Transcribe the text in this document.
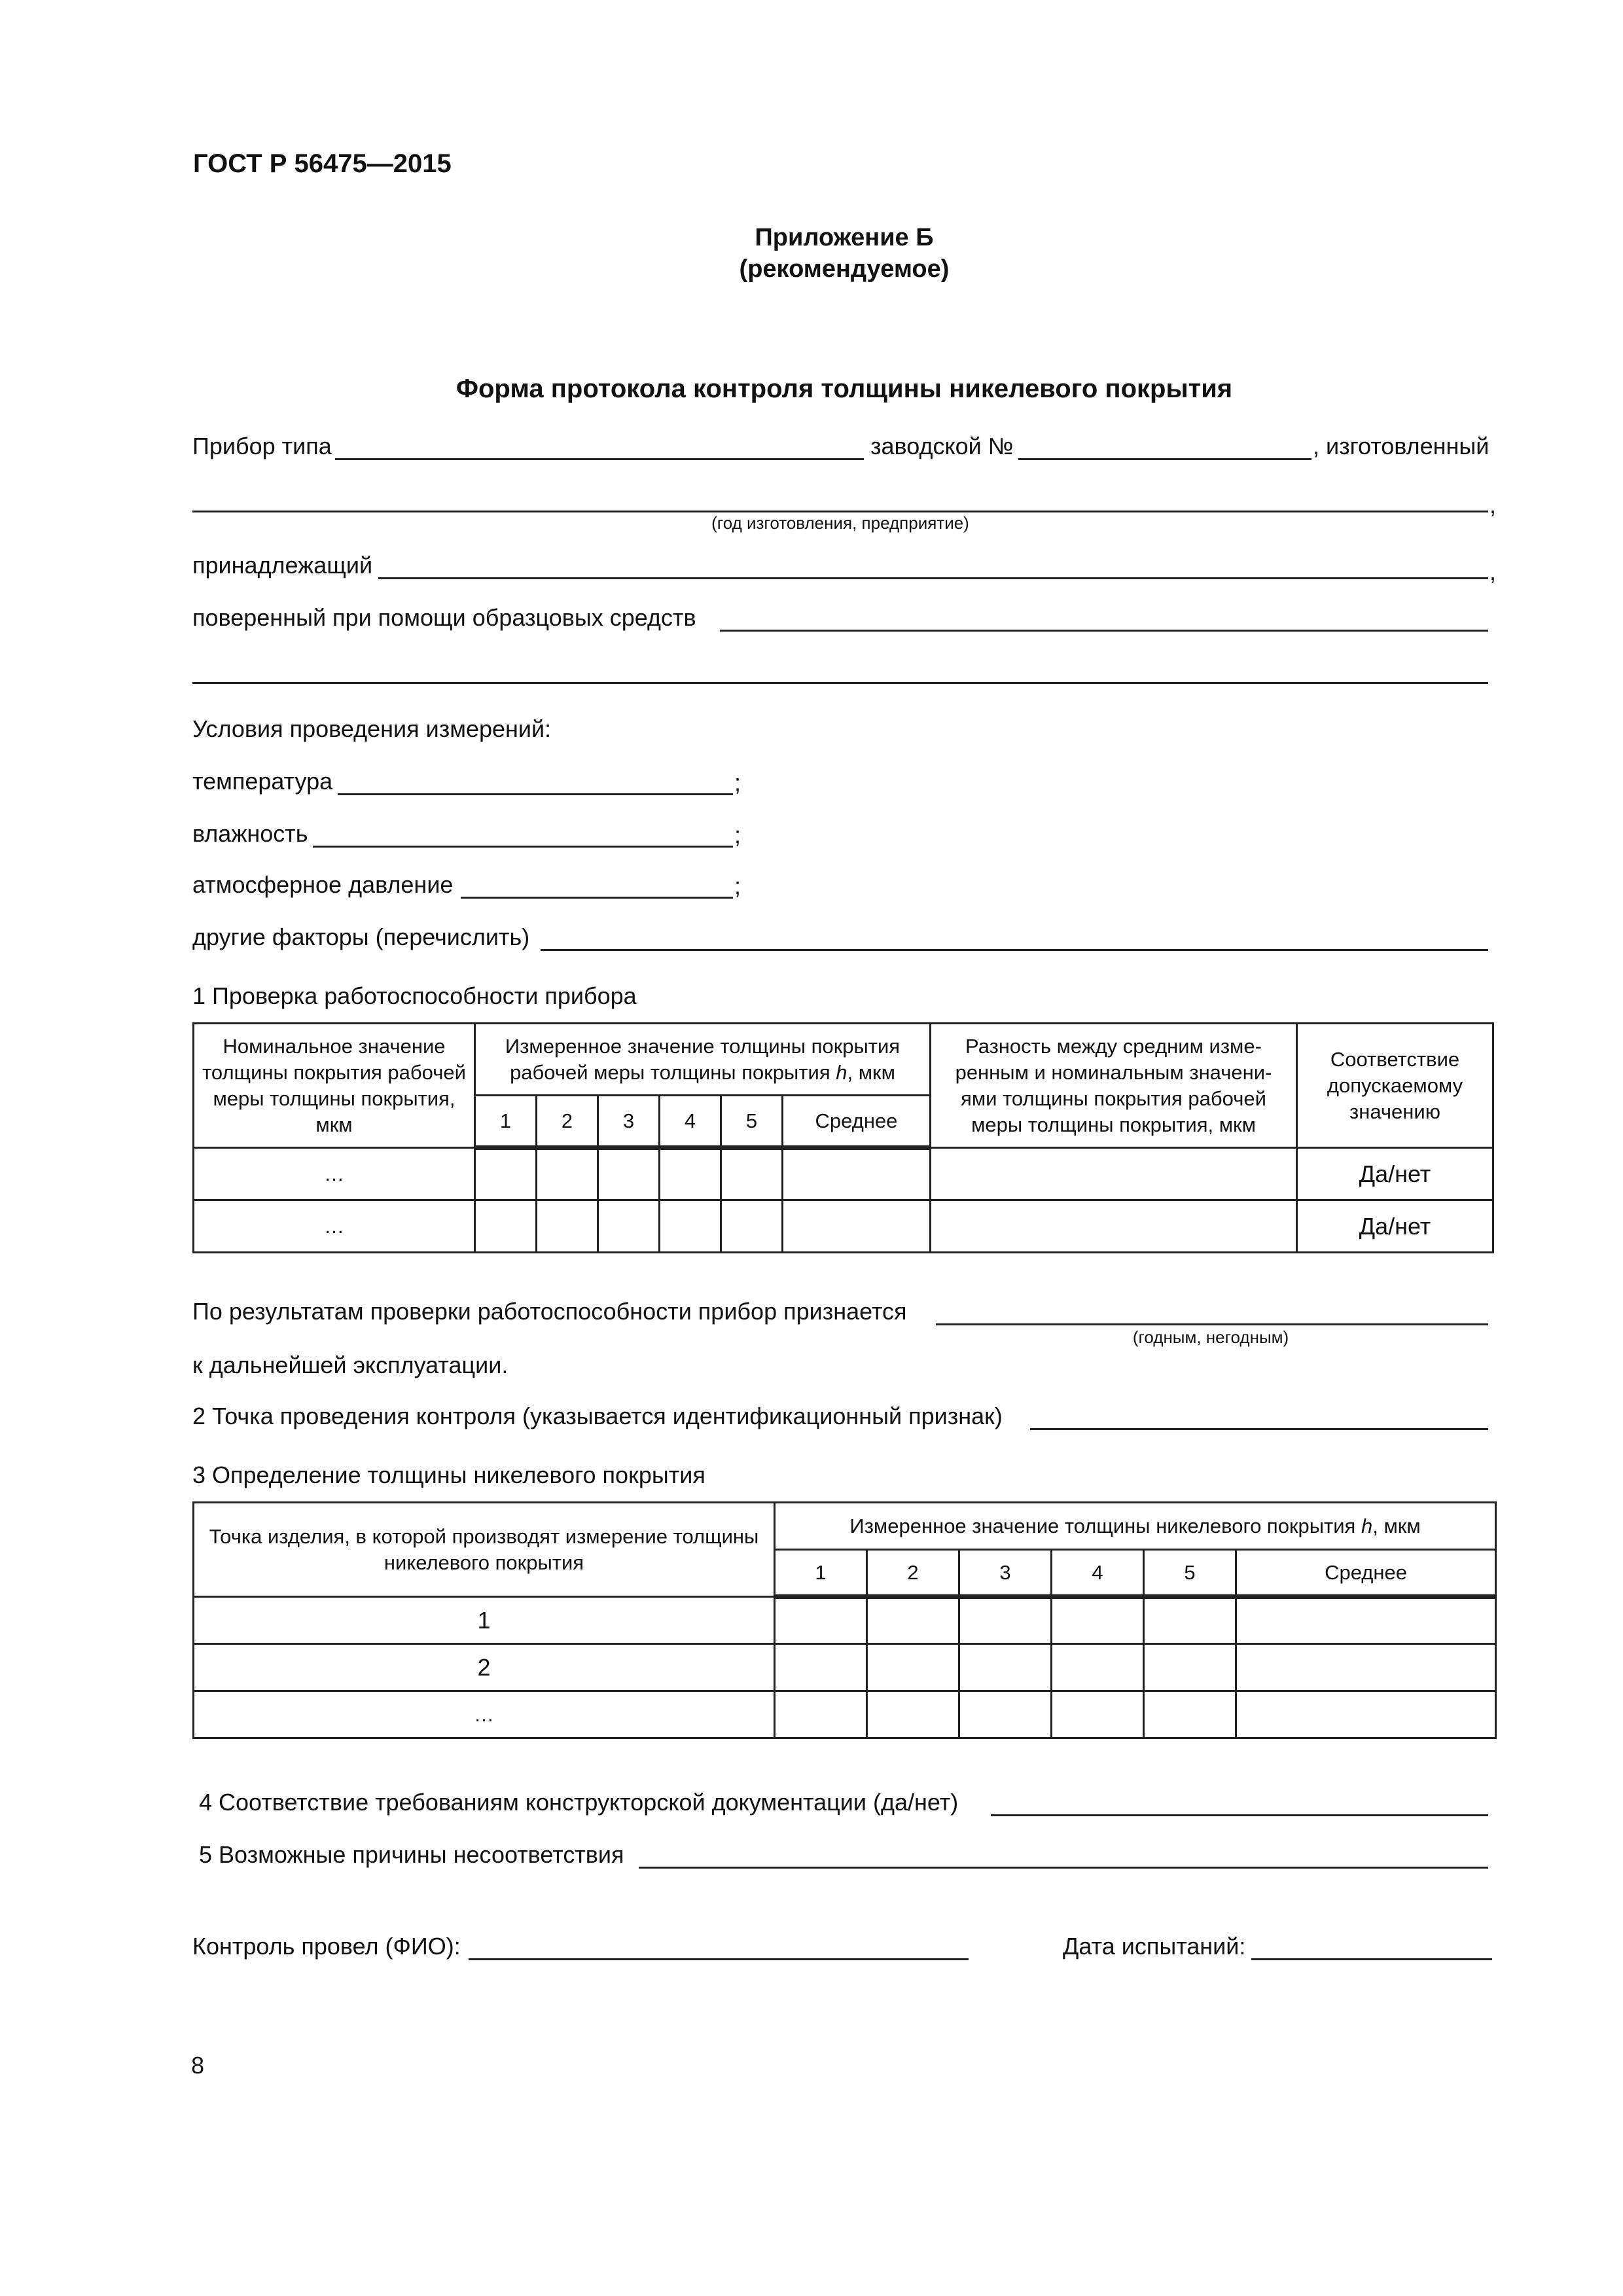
ГОСТ Р 56475—2015
Приложение Б
(рекомендуемое)
Форма протокола контроля толщины никелевого покрытия
Прибор типа	заводской №	, изготовленный
,
(год изготовления, предприятие)
принадлежащий	,
поверенный при помощи образцовых средств
Условия проведения измерений:
температура	;
влажность	;
атмосферное давление	;
другие факторы (перечислить)
1 Проверка работоспособности прибора
Номинальное значение толщины покрытия рабочей меры толщины покрытия, мкм	Измеренное значение толщины покрытия рабочей меры толщины покрытия h, мкм						Разность между средним изме- ренным и номинальным значени- ями толщины покрытия рабочей меры толщины покрытия, мкм	Соответствие допускаемому значению
	1	2	3	4	5	Среднее		
…								Да/нет
…								Да/нет
По результатам проверки работоспособности прибор признается
(годным, негодным)
к дальнейшей эксплуатации.
2 Точка проведения контроля (указывается идентификационный признак)
3 Определение толщины никелевого покрытия
Точка изделия, в которой производят измерение толщины никелевого покрытия	Измеренное значение толщины никелевого покрытия h, мкм					
	1	2	3	4	5	Среднее
1						
2						
…						
4 Соответствие требованиям конструкторской документации (да/нет)
5 Возможные причины несоответствия
Контроль провел (ФИО):	Дата испытаний:
8
